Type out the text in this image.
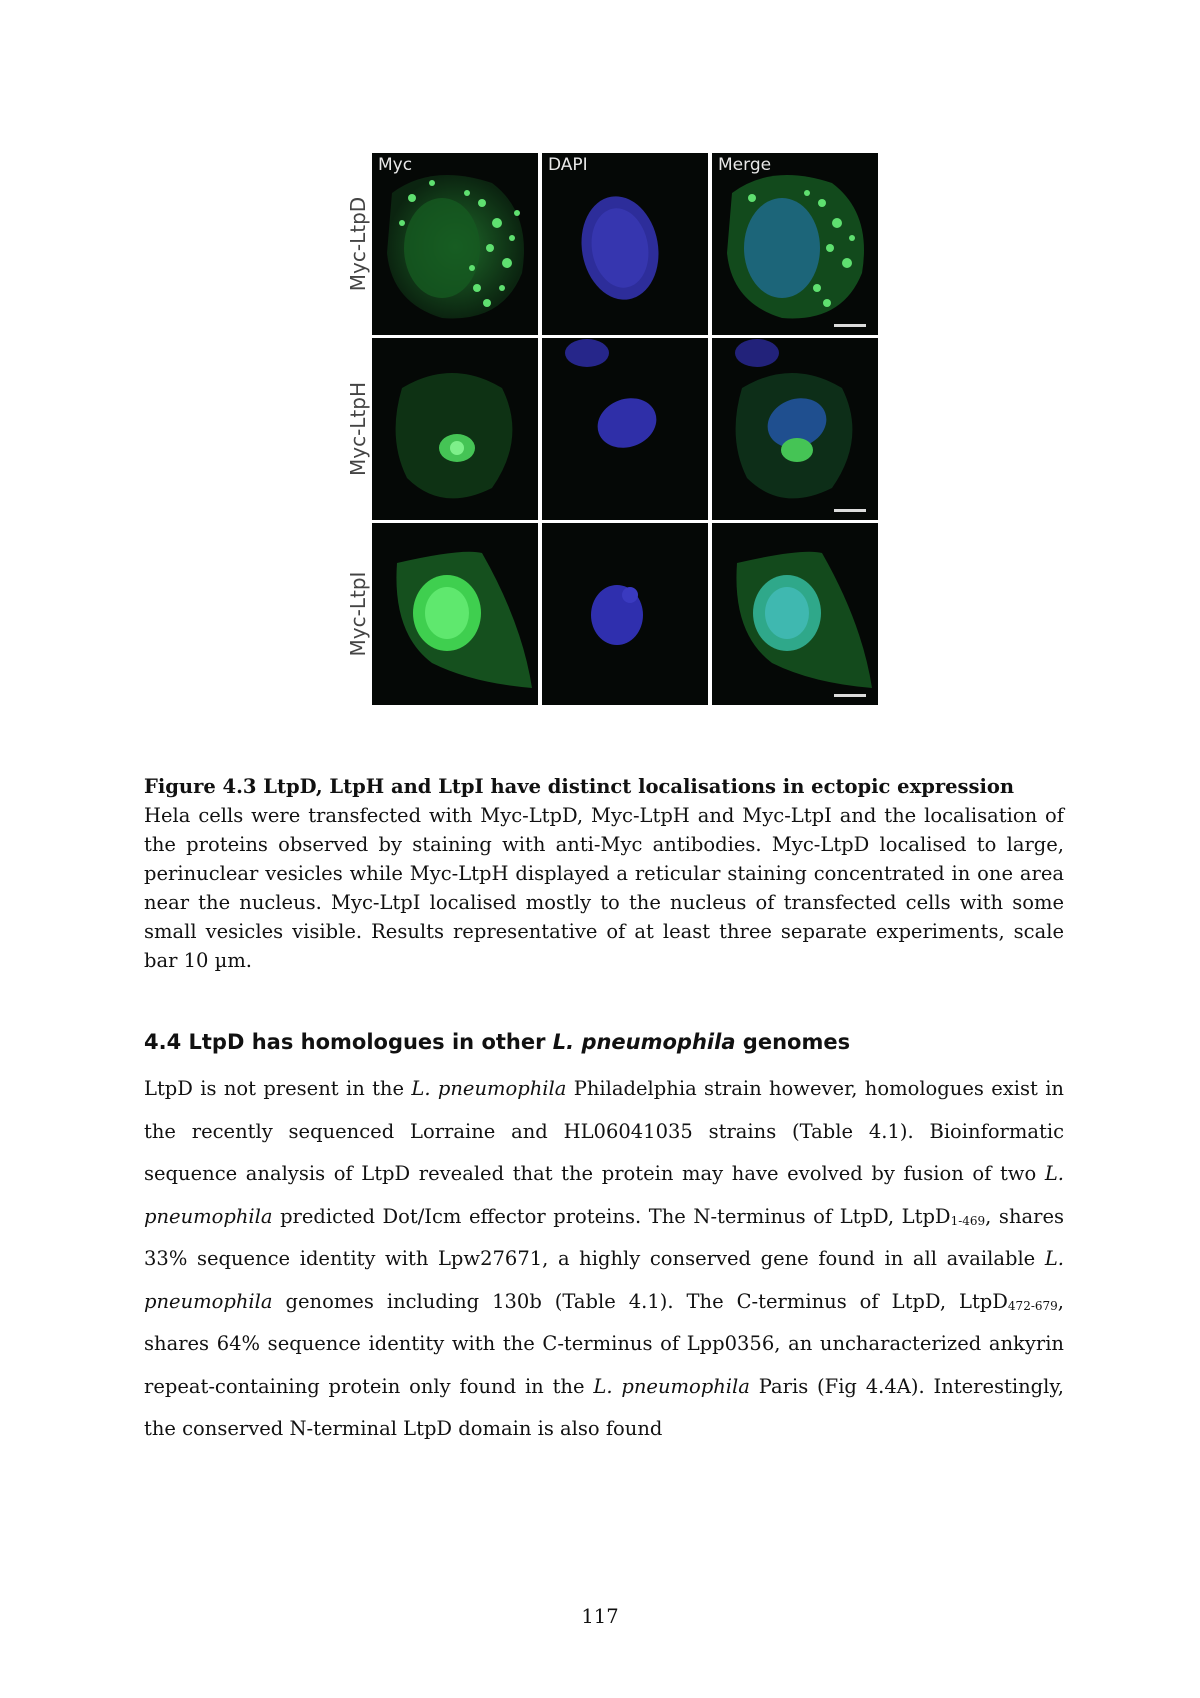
Myc-LtpD
Myc-LtpH
Myc-LtpI
Myc	DAPI	Merge
Figure 4.3 LtpD, LtpH and LtpI have distinct localisations in ectopic expression
Hela cells were transfected with Myc-LtpD, Myc-LtpH and Myc-LtpI and the localisation of the proteins observed by staining with anti-Myc antibodies. Myc-LtpD localised to large, perinuclear vesicles while Myc-LtpH displayed a reticular staining concentrated in one area near the nucleus. Myc-LtpI localised mostly to the nucleus of transfected cells with some small vesicles visible. Results representative of at least three separate experiments, scale bar 10 µm.
4.4 LtpD has homologues in other L. pneumophila genomes

LtpD is not present in the L. pneumophila Philadelphia strain however, homologues exist in the recently sequenced Lorraine and HL06041035 strains (Table 4.1). Bioinformatic sequence analysis of LtpD revealed that the protein may have evolved by fusion of two L. pneumophila predicted Dot/Icm effector proteins. The N-terminus of LtpD, LtpD$_{1-469}$, shares 33% sequence identity with Lpw27671, a highly conserved gene found in all available L. pneumophila genomes including 130b (Table 4.1). The C-terminus of LtpD, LtpD$_{472-679}$, shares 64% sequence identity with the C-terminus of Lpp0356, an uncharacterized ankyrin repeat-containing protein only found in the L. pneumophila Paris (Fig 4.4A). Interestingly, the conserved N-terminal LtpD domain is also found

117
